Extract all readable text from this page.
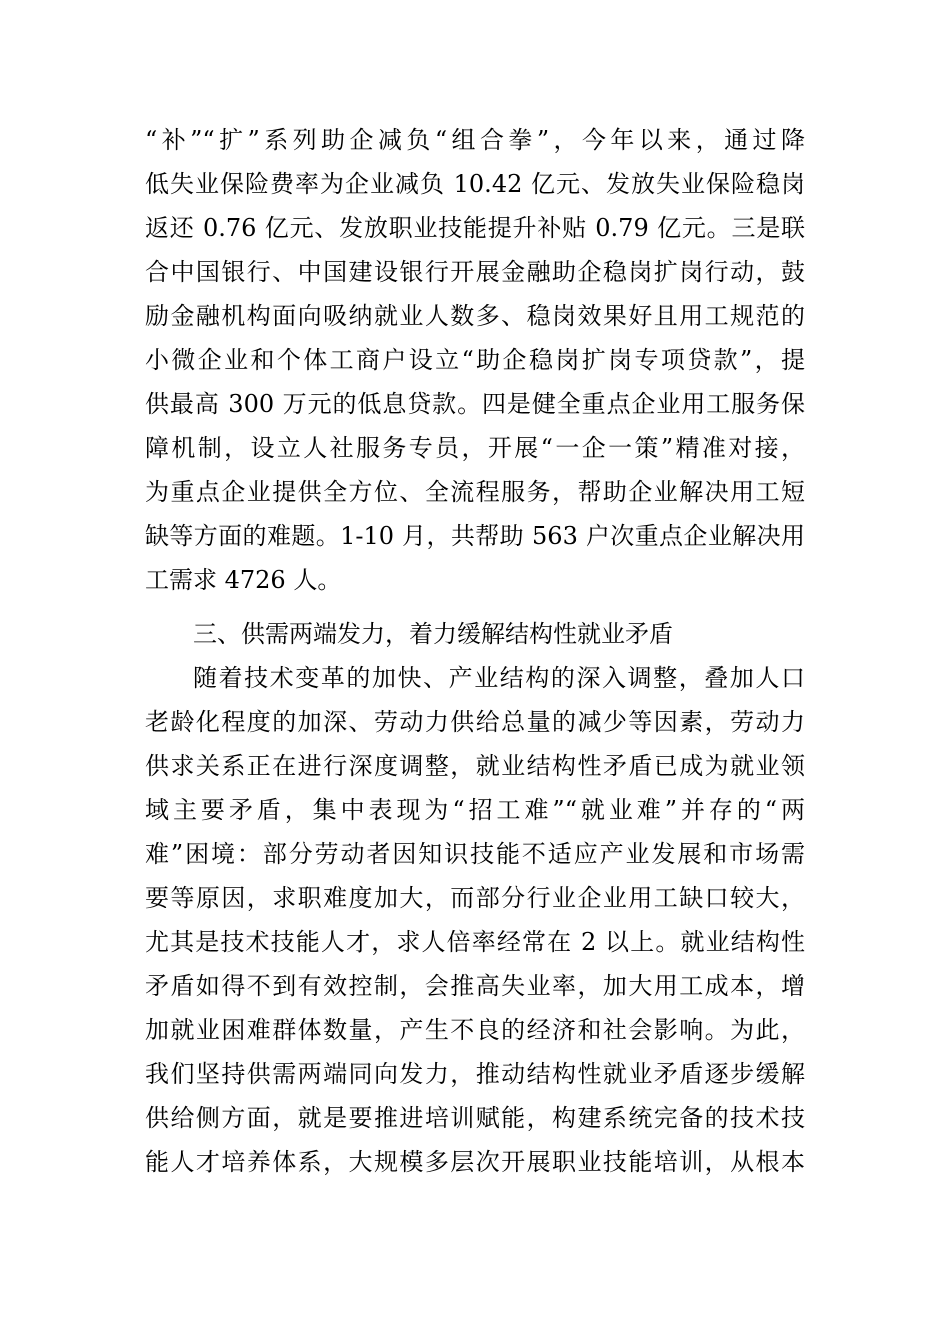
“补”“扩”系列助企减负“组合拳”，今年以来，通过降
低失业保险费率为企业减负 10.42 亿元、发放失业保险稳岗
返还 0.76 亿元、发放职业技能提升补贴 0.79 亿元。三是联
合中国银行、中国建设银行开展金融助企稳岗扩岗行动，鼓
励金融机构面向吸纳就业人数多、稳岗效果好且用工规范的
小微企业和个体工商户设立“助企稳岗扩岗专项贷款”，提
供最高 300 万元的低息贷款。四是健全重点企业用工服务保
障机制，设立人社服务专员，开展“一企一策”精准对接，
为重点企业提供全方位、全流程服务，帮助企业解决用工短
缺等方面的难题。1-10 月，共帮助 563 户次重点企业解决用
工需求 4726 人。
三、供需两端发力，着力缓解结构性就业矛盾
随着技术变革的加快、产业结构的深入调整，叠加人口
老龄化程度的加深、劳动力供给总量的减少等因素，劳动力
供求关系正在进行深度调整，就业结构性矛盾已成为就业领
域主要矛盾，集中表现为“招工难”“就业难”并存的“两
难”困境：部分劳动者因知识技能不适应产业发展和市场需
要等原因，求职难度加大，而部分行业企业用工缺口较大，
尤其是技术技能人才，求人倍率经常在 2 以上。就业结构性
矛盾如得不到有效控制，会推高失业率，加大用工成本，增
加就业困难群体数量，产生不良的经济和社会影响。为此，
我们坚持供需两端同向发力，推动结构性就业矛盾逐步缓解
供给侧方面，就是要推进培训赋能，构建系统完备的技术技
能人才培养体系，大规模多层次开展职业技能培训，从根本
